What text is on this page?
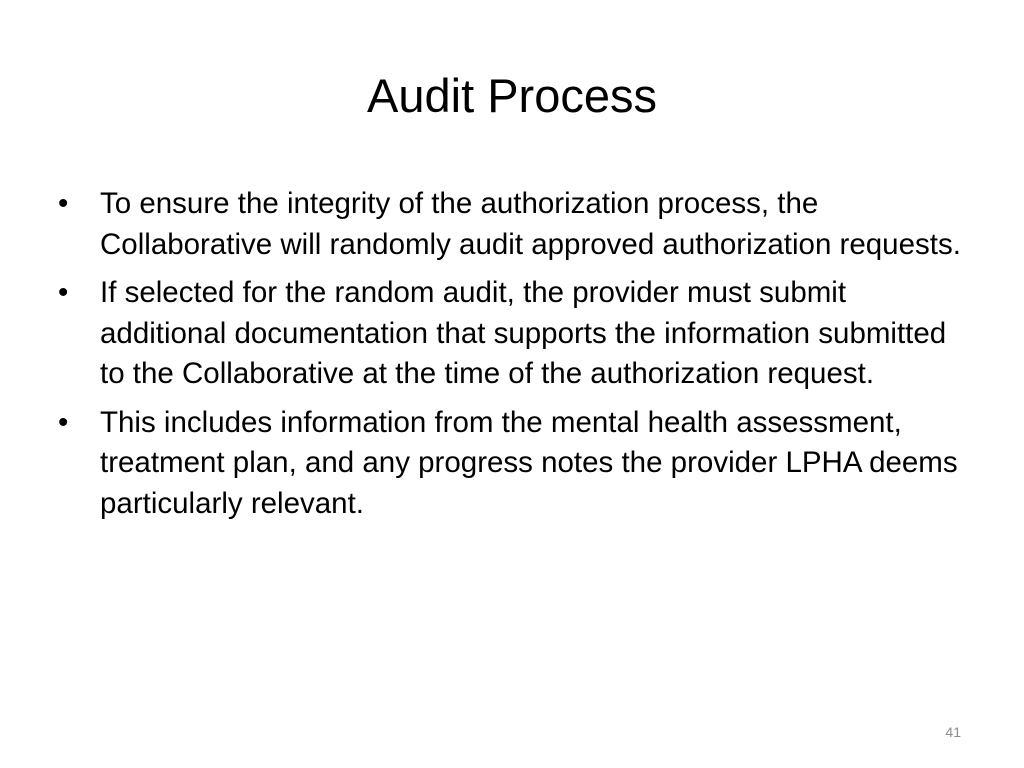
Audit Process
•	To ensure the integrity of the authorization process, the Collaborative will randomly audit approved authorization requests.
•	If selected for the random audit, the provider must submit additional documentation that supports the information submitted to the Collaborative at the time of the authorization request.
•	This includes information from the mental health assessment, treatment plan, and any progress notes the provider LPHA deems particularly relevant.
41
